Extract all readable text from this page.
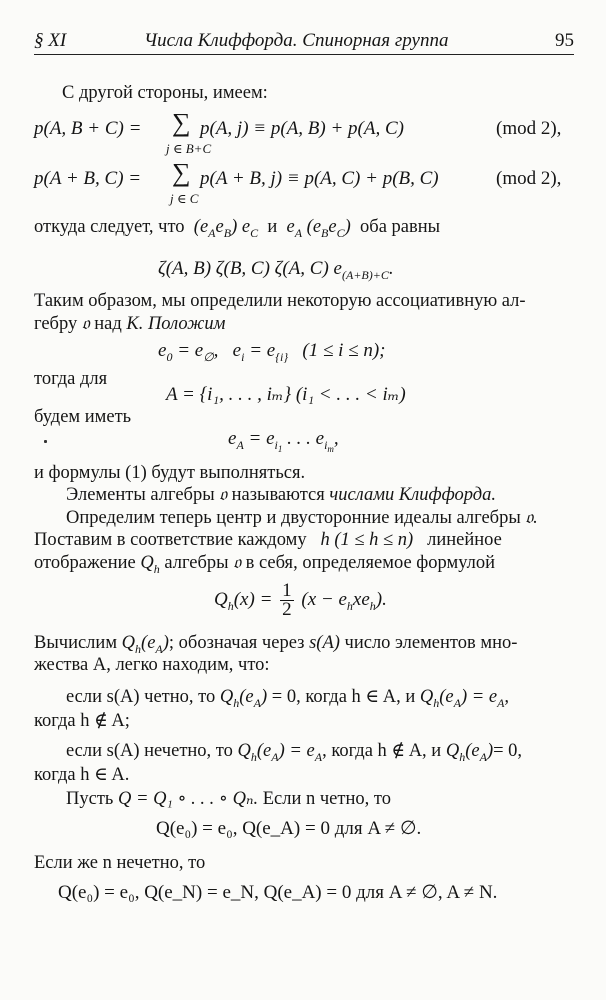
§ XI	Числа Клиффорда. Спинорная группа	95
С другой стороны, имеем:
p(A, B + C) = ∑
j ∈ B+C
p(A, j) ≡ p(A, B) + p(A, C)	(mod 2),
p(A + B, C) = ∑
j ∈ C
p(A + B, j) ≡ p(A, C) + p(B, C)	(mod 2),
откуда следует, что  $(e_Ae_B)$ $e_C$ и  $e_A$ $(e_Be_C)$  оба равны
ζ(A, B) ζ(B, C) ζ(A, C) $e_{(A+B)+C}$.
Таким образом, мы определили некоторую ассоциативную ал-
гебру 𝔬 над K. Положим
$e_0 = e_\emptyset$,   $e_i = e_{\{i\}}$ (1 ≤ i ≤ n);
тогда для
A = {i₁, . . . , iₘ} (i₁ < . . . < iₘ)
будем иметь
$e_A = e_{i_1}$ . . . $e_{i_m}$,
и формулы (1) будут выполняться.
Элементы алгебры 𝔬 называются числами Клиффорда.
Определим теперь центр и двусторонние идеалы алгебры 𝔬.
Поставим в соответствие каждому h (1 ≤ h ≤ n) линейное
отображение $Q_h$ алгебры 𝔬 в себя, определяемое формулой
$Q_h(x) = \frac{1}{2} (x - e_hxe_h)$.
Вычислим $Q_h(e_A)$; обозначая через s(A) число элементов мно-
жества A, легко находим, что:
если s(A) четно, то $Q_h(e_A) = 0$, когда h ∈ A, и $Q_h(e_A) = e_A$,
когда h ∉ A;
если s(A) нечетно, то $Q_h(e_A) = e_A$, когда h ∉ A, и $Q_h(e_A)= 0$,
когда h ∈ A.
Пусть Q = Q₁ ∘ . . . ∘ Qₙ. Если n четно, то
Q(e₀) = e₀, Q(e_A) = 0 для A ≠ ∅.
Если же n нечетно, то
Q(e₀) = e₀, Q(e_N) = e_N, Q(e_A) = 0 для A ≠ ∅, A ≠ N.
